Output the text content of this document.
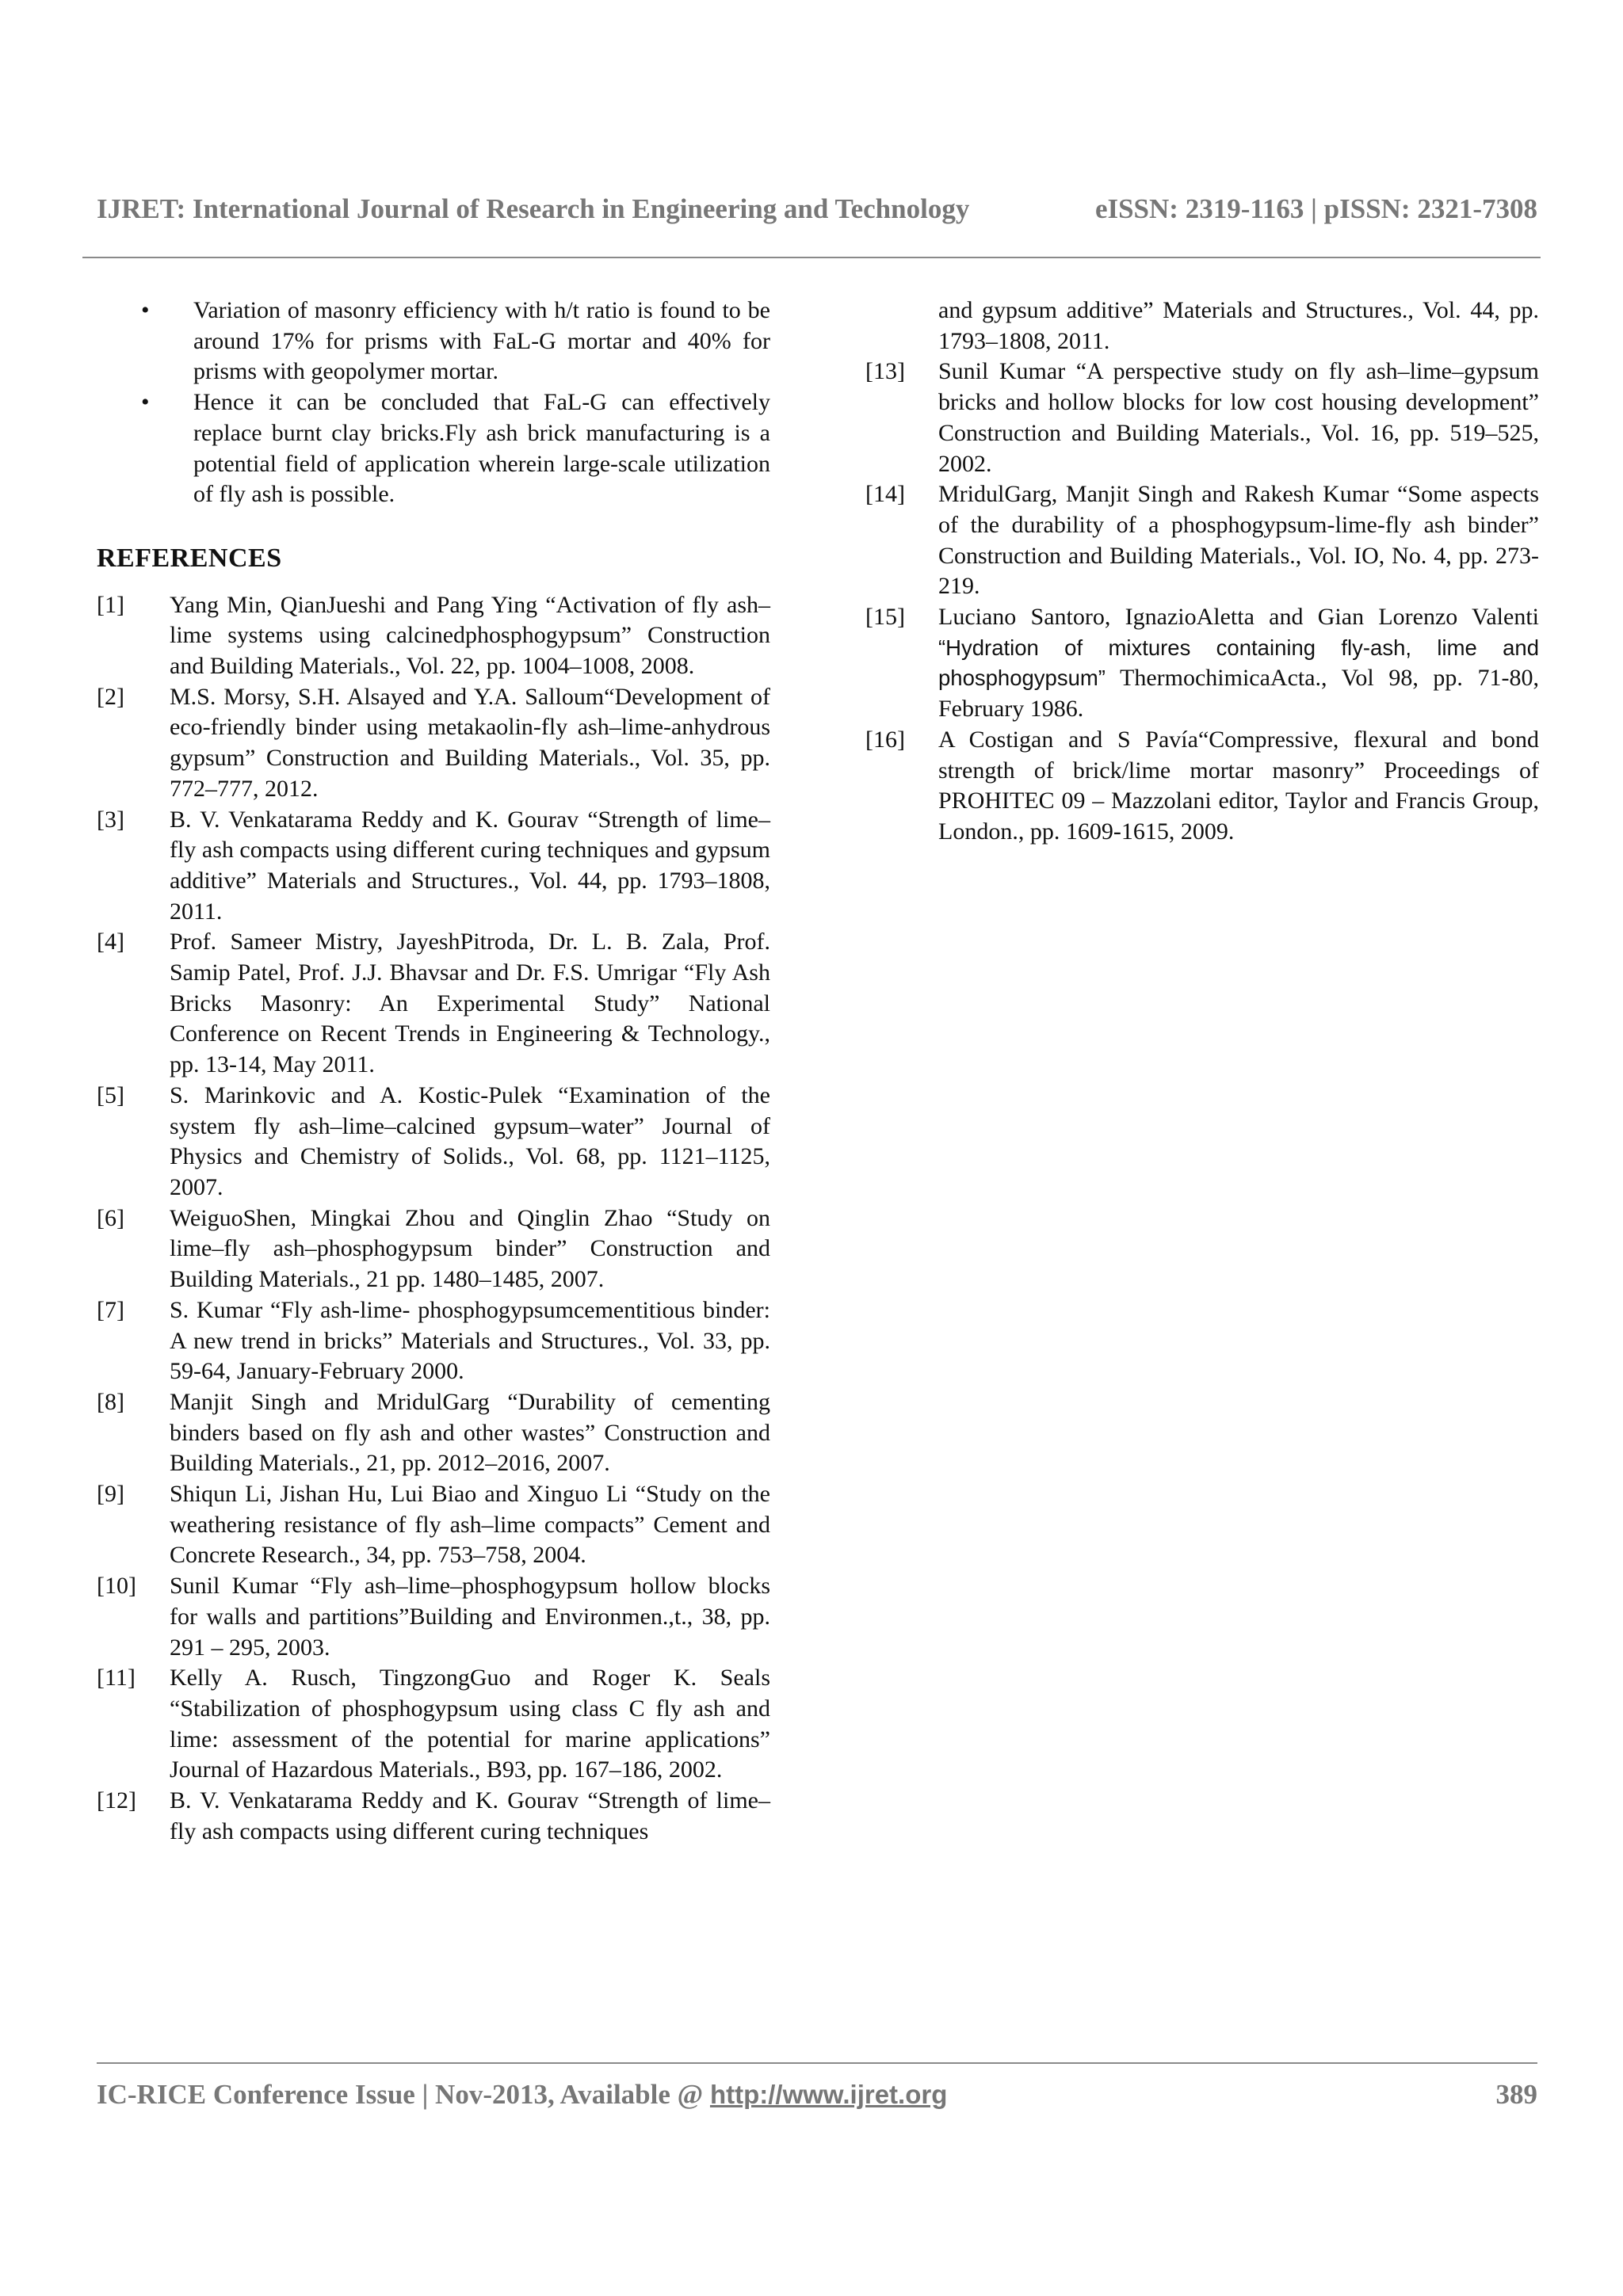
IJRET: International Journal of Research in Engineering and Technology	eISSN: 2319-1163 | pISSN: 2321-7308
• Variation of masonry efficiency with h/t ratio is found to be around 17% for prisms with FaL-G mortar and 40% for prisms with geopolymer mortar.
• Hence it can be concluded that FaL-G can effectively replace burnt clay bricks.Fly ash brick manufacturing is a potential field of application wherein large-scale utilization of fly ash is possible.
REFERENCES
[1]	Yang Min, QianJueshi and Pang Ying “Activation of fly ash–lime systems using calcinedphosphogypsum” Construction and Building Materials., Vol. 22, pp. 1004–1008, 2008.
[2]	M.S. Morsy, S.H. Alsayed and Y.A. Salloum“Development of eco-friendly binder using metakaolin-fly ash–lime-anhydrous gypsum” Construction and Building Materials., Vol. 35, pp. 772–777, 2012.
[3]	B. V. Venkatarama Reddy and K. Gourav “Strength of lime–fly ash compacts using different curing techniques and gypsum additive” Materials and Structures., Vol. 44, pp. 1793–1808, 2011.
[4]	Prof. Sameer Mistry, JayeshPitroda, Dr. L. B. Zala, Prof. Samip Patel, Prof. J.J. Bhavsar and Dr. F.S. Umrigar “Fly Ash Bricks Masonry: An Experimental Study” National Conference on Recent Trends in Engineering & Technology., pp. 13-14, May 2011.
[5]	S. Marinkovic and A. Kostic-Pulek “Examination of the system fly ash–lime–calcined gypsum–water” Journal of Physics and Chemistry of Solids., Vol. 68, pp. 1121–1125, 2007.
[6]	WeiguoShen, Mingkai Zhou and Qinglin Zhao “Study on lime–fly ash–phosphogypsum binder” Construction and Building Materials., 21 pp. 1480–1485, 2007.
[7]	S. Kumar “Fly ash-lime- phosphogypsumcementitious binder: A new trend in bricks” Materials and Structures., Vol. 33, pp. 59-64, January-February 2000.
[8]	Manjit Singh and MridulGarg “Durability of cementing binders based on fly ash and other wastes” Construction and Building Materials., 21, pp. 2012–2016, 2007.
[9]	Shiqun Li, Jishan Hu, Lui Biao and Xinguo Li “Study on the weathering resistance of fly ash–lime compacts” Cement and Concrete Research., 34, pp. 753–758, 2004.
[10]	Sunil Kumar “Fly ash–lime–phosphogypsum hollow blocks for walls and partitions”Building and Environmen.,t., 38, pp. 291 – 295, 2003.
[11]	Kelly A. Rusch, TingzongGuo and Roger K. Seals “Stabilization of phosphogypsum using class C fly ash and lime: assessment of the potential for marine applications” Journal of Hazardous Materials., B93, pp. 167–186, 2002.
[12]	B. V. Venkatarama Reddy and K. Gourav “Strength of lime–fly ash compacts using different curing techniques
and gypsum additive” Materials and Structures., Vol. 44, pp. 1793–1808, 2011.
[13]	Sunil Kumar “A perspective study on fly ash–lime–gypsum bricks and hollow blocks for low cost housing development” Construction and Building Materials., Vol. 16, pp. 519–525, 2002.
[14]	MridulGarg, Manjit Singh and Rakesh Kumar “Some aspects of the durability of a phosphogypsum-lime-fly ash binder” Construction and Building Materials., Vol. IO, No. 4, pp. 273-219.
[15]	Luciano Santoro, IgnazioAletta and Gian Lorenzo Valenti “Hydration of mixtures containing fly-ash, lime and phosphogypsum” ThermochimicaActa., Vol 98, pp. 71-80, February 1986.
[16]	A Costigan and S Pavía“Compressive, flexural and bond strength of brick/lime mortar masonry” Proceedings of PROHITEC 09 – Mazzolani editor, Taylor and Francis Group, London., pp. 1609-1615, 2009.
IC-RICE Conference Issue | Nov-2013, Available @ http://www.ijret.org	389
